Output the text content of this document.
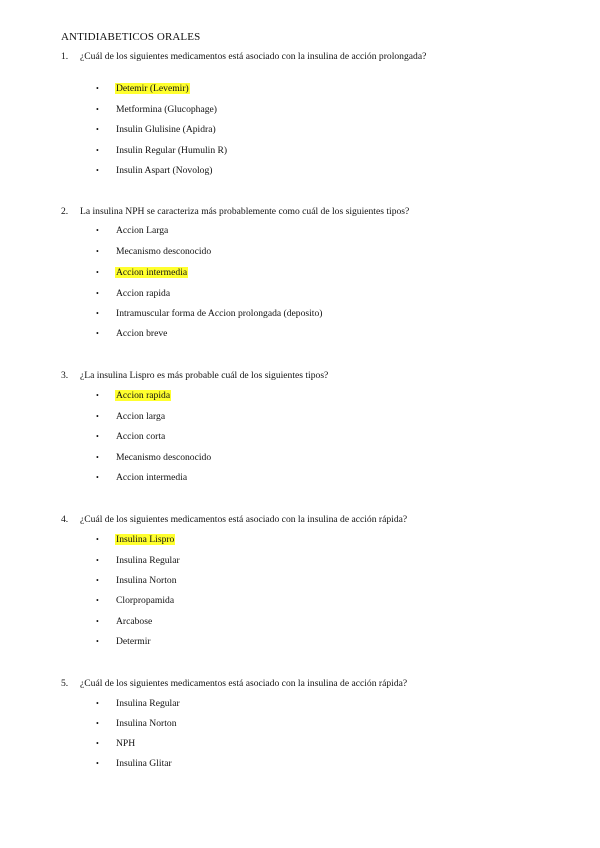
ANTIDIABETICOS ORALES
1. ¿Cuál de los siguientes medicamentos está asociado con la insulina de acción prolongada?
• Detemir (Levemir)
• Metformina (Glucophage)
• Insulin Glulisine (Apidra)
• Insulin Regular (Humulin R)
• Insulin Aspart (Novolog)
2. La insulina NPH se caracteriza más probablemente como cuál de los siguientes tipos?
• Accion Larga
• Mecanismo desconocido
• Accion intermedia
• Accion rapida
• Intramuscular forma de Accion prolongada (deposito)
• Accion breve
3. ¿La insulina Lispro es más probable cuál de los siguientes tipos?
• Accion rapida
• Accion larga
• Accion corta
• Mecanismo desconocido
• Accion intermedia
4. ¿Cuál de los siguientes medicamentos está asociado con la insulina de acción rápida?
• Insulina Lispro
• Insulina Regular
• Insulina Norton
• Clorpropamida
• Arcabose
• Determir
5. ¿Cuál de los siguientes medicamentos está asociado con la insulina de acción rápida?
• Insulina Regular
• Insulina Norton
• NPH
• Insulina Glitar
